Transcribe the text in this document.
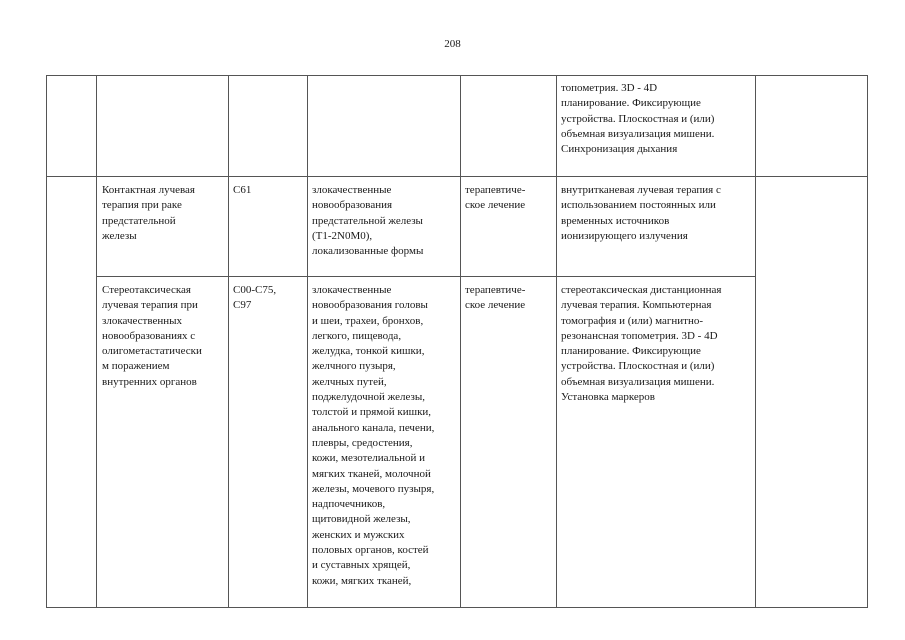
208
топометрия. 3D - 4D
планирование. Фиксирующие
устройства. Плоскостная и (или)
объемная визуализация мишени.
Синхронизация дыхания
Контактная лучевая
терапия при раке
предстательной
железы
C61	злокачественные
новообразования
предстательной железы
(T1-2N0M0),
локализованные формы
терапевтиче-
ское лечение
внутритканевая лучевая терапия с
использованием постоянных или
временных источников
ионизирующего излучения
Стереотаксическая
лучевая терапия при
злокачественных
новообразованиях с
олигометастатически
м поражением
внутренних органов
C00-C75,
C97
злокачественные
новообразования головы
и шеи, трахеи, бронхов,
легкого, пищевода,
желудка, тонкой кишки,
желчного пузыря,
желчных путей,
поджелудочной железы,
толстой и прямой кишки,
анального канала, печени,
плевры, средостения,
кожи, мезотелиальной и
мягких тканей, молочной
железы, мочевого пузыря,
надпочечников,
щитовидной железы,
женских и мужских
половых органов, костей
и суставных хрящей,
кожи, мягких тканей,
терапевтиче-
ское лечение
стереотаксическая дистанционная
лучевая терапия. Компьютерная
томография и (или) магнитно-
резонансная топометрия. 3D - 4D
планирование. Фиксирующие
устройства. Плоскостная и (или)
объемная визуализация мишени.
Установка маркеров
